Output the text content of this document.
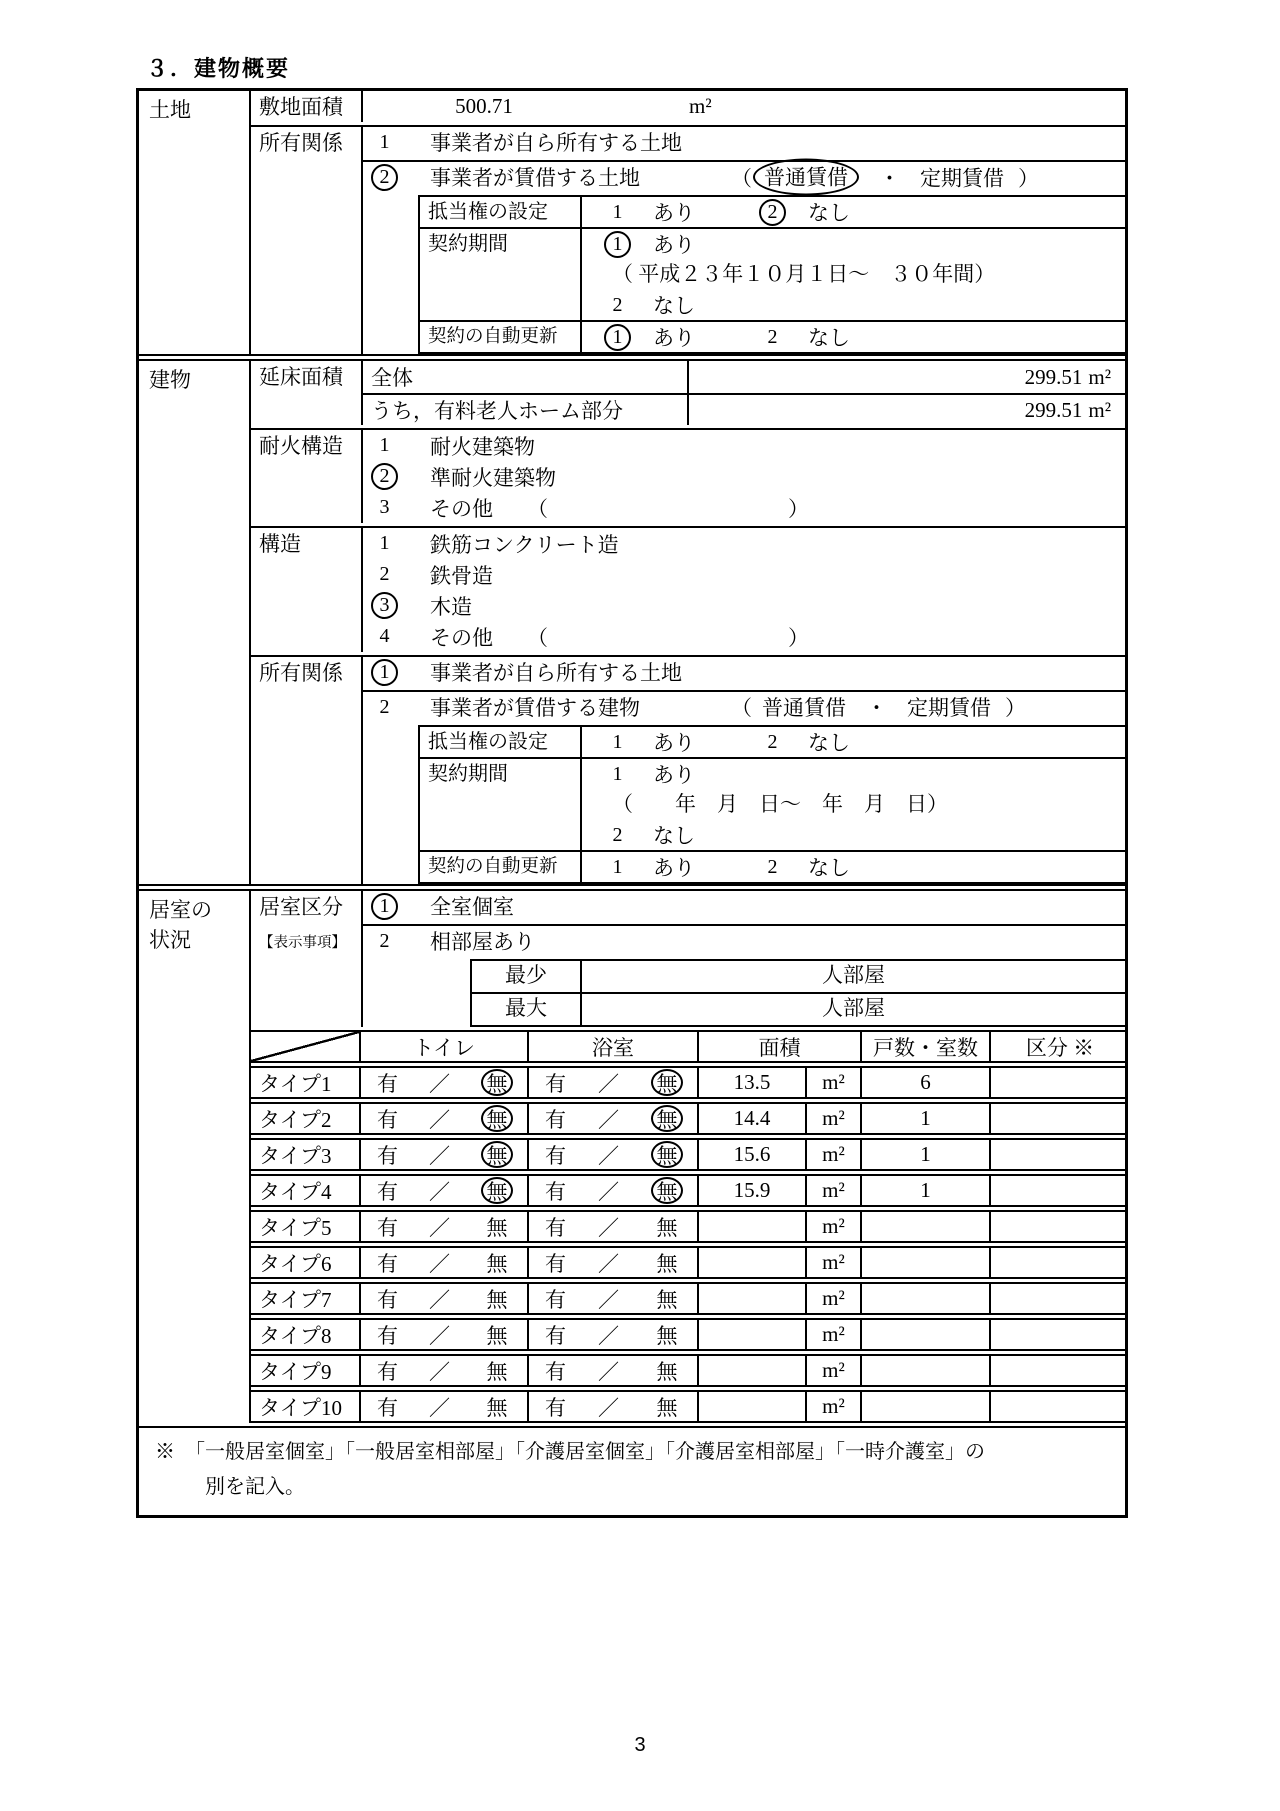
３．建物概要
土地	敷地面積	500.71	m²
所有関係	1	事業者が自ら所有する土地
2	事業者が賃借する土地	（ 普通賃借	・ 定期賃借 ）
抵当権の設定	1	あり	2	なし
契約期間	1	あり
（ 平成２３年１０月１日～　３０年間）
2	なし
契約の自動更新	1	あり	2	なし
建物	延床面積	全体	299.51 m²
うち，有料老人ホーム部分	299.51 m²
耐火構造	1	耐火建築物
2	準耐火建築物
3	その他 （	）
構造	1	鉄筋コンクリート造
2	鉄骨造
3	木造
4	その他 （	）
所有関係	1	事業者が自ら所有する土地
2	事業者が賃借する建物	（ 普通賃借 ・ 定期賃借 ）
抵当権の設定	1	あり	2	なし
契約期間	1	あり
（　　年　月　日～　年　月　日）
2	なし
契約の自動更新	1	あり	2	なし
居室の
状況
居室区分
【表示事項】
1	全室個室
2	相部屋あり
最少	人部屋
最大	人部屋
トイレ	浴室	面積	戸数・室数	区分 ※
タイプ1	有 ／ 無 有 ／ 無	13.5	m²	6
タイプ2	有 ／ 無 有 ／ 無	14.4	m²	1
タイプ3	有 ／ 無 有 ／ 無	15.6	m²	1
タイプ4	有 ／ 無 有 ／ 無	15.9	m²	1
タイプ5	有 ／ 無 有 ／ 無	m²
タイプ6	有 ／ 無 有 ／ 無	m²
タイプ7	有 ／ 無 有 ／ 無	m²
タイプ8	有 ／ 無 有 ／ 無	m²
タイプ9	有 ／ 無 有 ／ 無	m²
タイプ10	有 ／ 無 有 ／ 無	m²
※　「一般居室個室」「一般居室相部屋」「介護居室個室」「介護居室相部屋」「一時介護室」の
別を記入。
3
